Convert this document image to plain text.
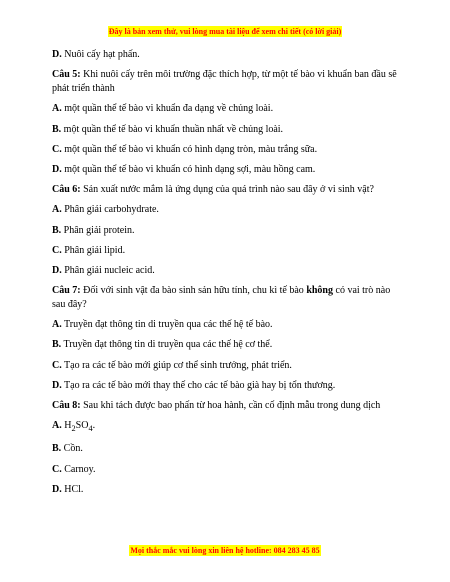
Đây là bản xem thử, vui lòng mua tài liệu để xem chi tiết (có lời giải)

D. Nuôi cấy hạt phấn.

Câu 5: Khi nuôi cấy trên môi trường đặc thích hợp, từ một tế bào vi khuẩn ban đầu sẽ phát triển thành

A. một quần thể tế bào vi khuẩn đa dạng về chủng loài.

B. một quần thể tế bào vi khuẩn thuần nhất về chủng loài.

C. một quần thể tế bào vi khuẩn có hình dạng tròn, màu trắng sữa.

D. một quần thể tế bào vi khuẩn có hình dạng sợi, màu hồng cam.

Câu 6: Sản xuất nước mắm là ứng dụng của quá trình nào sau đây ở vi sinh vật?

A. Phân giải carbohydrate.

B. Phân giải protein.

C. Phân giải lipid.

D. Phân giải nucleic acid.

Câu 7: Đối với sinh vật đa bào sinh sản hữu tính, chu kì tế bào không có vai trò nào sau đây?

A. Truyền đạt thông tin di truyền qua các thế hệ tế bào.

B. Truyền đạt thông tin di truyền qua các thế hệ cơ thể.

C. Tạo ra các tế bào mới giúp cơ thể sinh trưởng, phát triển.

D. Tạo ra các tế bào mới thay thế cho các tế bào già hay bị tổn thương.

Câu 8: Sau khi tách được bao phấn từ hoa hành, cần cố định mẫu trong dung dịch

A. $H_2SO_4$.

B. Cồn.

C. Carnoy.

D. HCl.

Mọi thắc mắc vui lòng xin liên hệ hotline: 084 283 45 85
